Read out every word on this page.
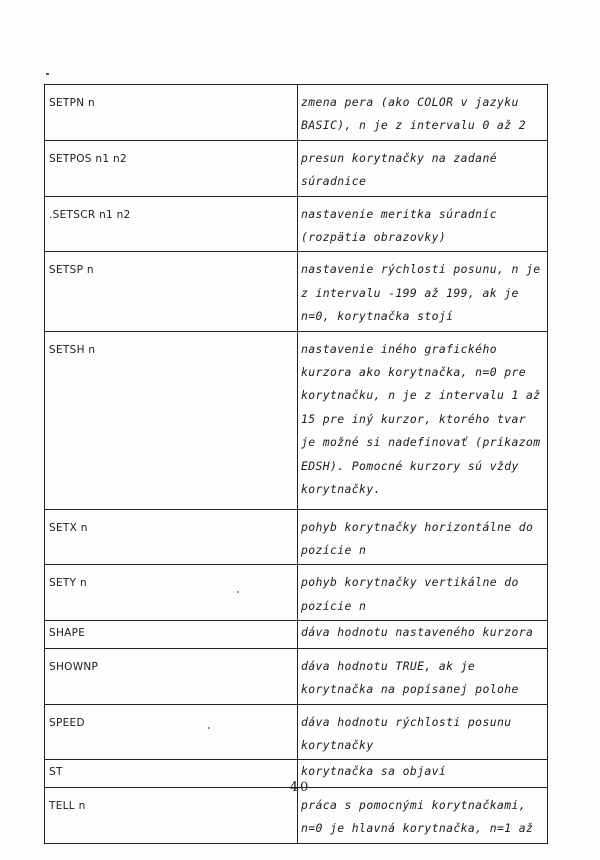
SETPN n	zmena pera (ako COLOR v jazyku BASIC), n je z intervalu 0 až 2
SETPOS n1 n2	presun korytnačky na zadané súradnice
.SETSCR n1 n2	nastavenie meritka súradníc (rozpätia obrazovky)
SETSP n	nastavenie rýchlosti posunu, n je z intervalu -199 až 199, ak je n=0, korytnačka stojí
SETSH n	nastavenie iného grafického kurzora ako korytnačka, n=0 pre korytnačku, n je z intervalu 1 až 15 pre iný kurzor, ktorého tvar je možné si nadefinovať (príkazom EDSH). Pomocné kurzory sú vždy korytnačky.
SETX n	pohyb korytnačky horizontálne do pozície n
SETY n	pohyb korytnačky vertikálne do pozície n
SHAPE	dáva hodnotu nastaveného kurzora
SHOWNP	dáva hodnotu TRUE, ak je korytnačka na popísanej polohe
SPEED	dáva hodnotu rýchlosti posunu korytnačky
ST	korytnačka sa objaví
TELL n	práca s pomocnými korytnačkami, n=0 je hlavná korytnačka, n=1 až
- 40 -
